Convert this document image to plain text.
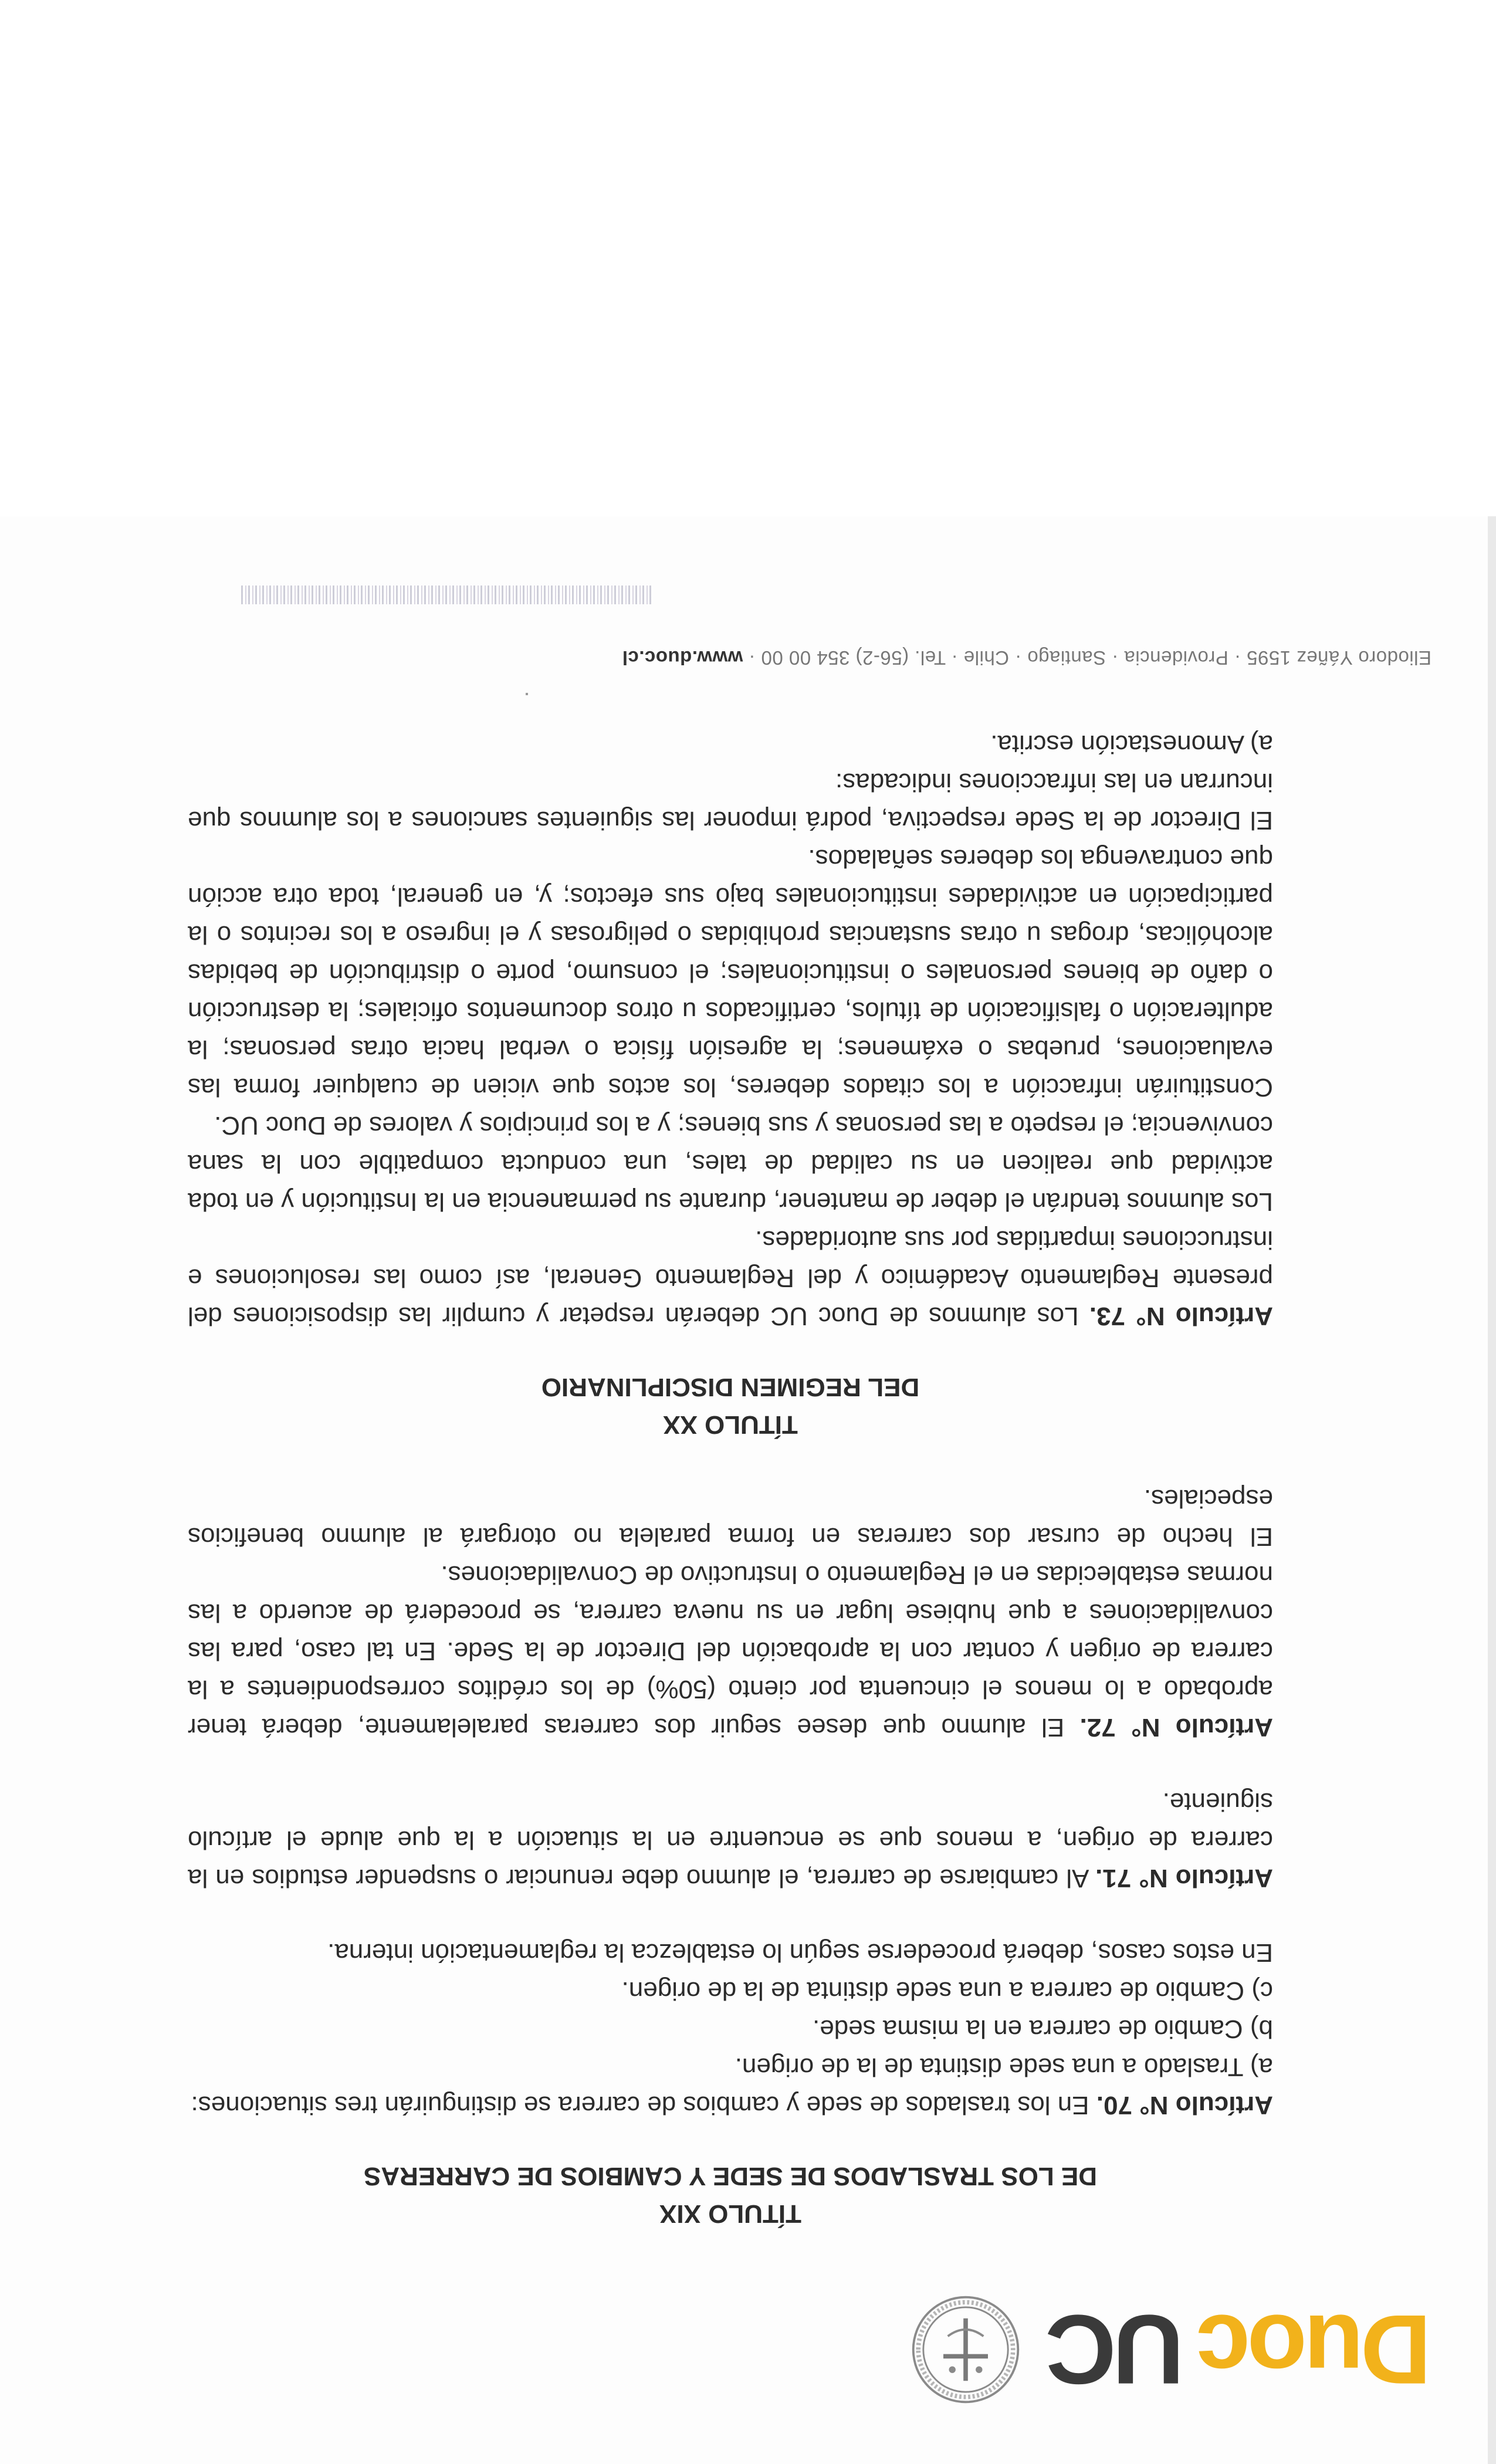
DuocUC
TÍTULO XIX
DE LOS TRASLADOS DE SEDE Y CAMBIOS DE CARRERAS

Artículo N° 70. En los traslados de sede y cambios de carrera se distinguirán tres situaciones:

a) Traslado a una sede distinta de la de origen.

b) Cambio de carrera en la misma sede.

c) Cambio de carrera a una sede distinta de la de origen.

En estos casos, deberá procederse según lo establezca la reglamentación interna.

Artículo N° 71. Al cambiarse de carrera, el alumno debe renunciar o suspender estudios en la carrera de origen, a menos que se encuentre en la situación a la que alude el artículo siguiente.

Artículo N° 72. El alumno que desee seguir dos carreras paralelamente, deberá tener aprobado a lo menos el cincuenta por ciento (50%) de los créditos correspondientes a la carrera de origen y contar con la aprobación del Director de la Sede. En tal caso, para las convalidaciones a que hubiese lugar en su nueva carrera, se procederá de acuerdo a las normas establecidas en el Reglamento o Instructivo de Convalidaciones.

El hecho de cursar dos carreras en forma paralela no otorgará al alumno beneficios especiales.

TÍTULO XX
DEL REGIMEN DISCIPLINARIO

Artículo N° 73. Los alumnos de Duoc UC deberán respetar y cumplir las disposiciones del presente Reglamento Académico y del Reglamento General, así como las resoluciones e instrucciones impartidas por sus autoridades.

Los alumnos tendrán el deber de mantener, durante su permanencia en la Institución y en toda actividad que realicen en su calidad de tales, una conducta compatible con la sana convivencia; el respeto a las personas y sus bienes; y a los principios y valores de Duoc UC.

Constituirán infracción a los citados deberes, los actos que vicien de cualquier forma las evaluaciones, pruebas o exámenes; la agresión física o verbal hacia otras personas; la adulteración o falsificación de títulos, certificados u otros documentos oficiales; la destrucción o daño de bienes personales o institucionales; el consumo, porte o distribución de bebidas alcohólicas, drogas u otras sustancias prohibidas o peligrosas y el ingreso a los recintos o la participación en actividades institucionales bajo sus efectos; y, en general, toda otra acción que contravenga los deberes señalados.

El Director de la Sede respectiva, podrá imponer las siguientes sanciones a los alumnos que incurran en las infracciones indicadas:

a) Amonestación escrita.

Eliodoro Yáñez 1595 · Providencia · Santiago · Chile · Tel. (56-2) 354 00 00 · www.duoc.cl
